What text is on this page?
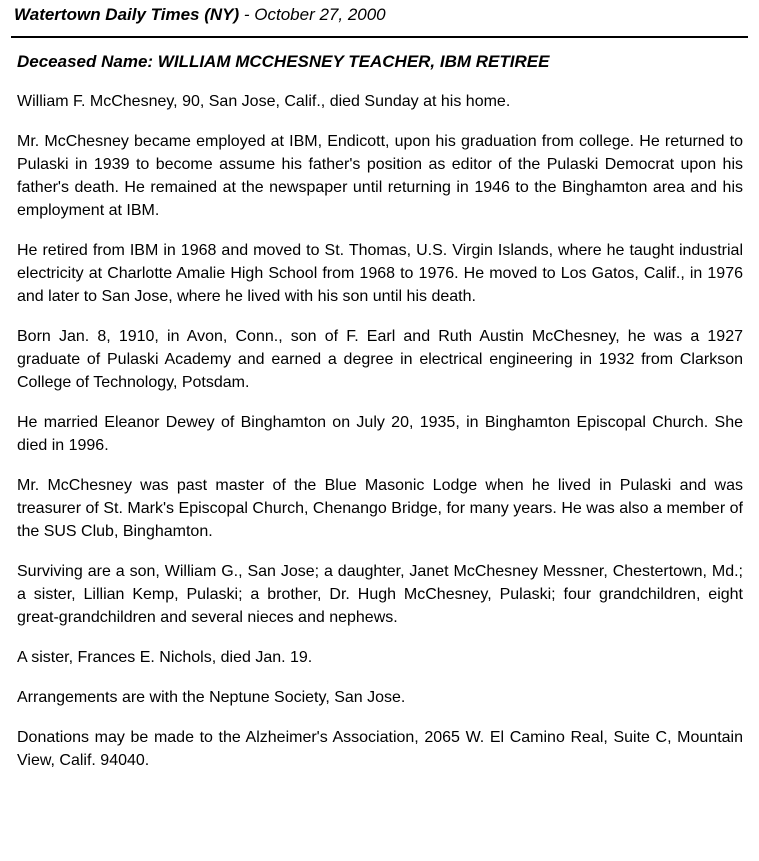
Watertown Daily Times (NY) - October 27, 2000
Deceased Name: WILLIAM MCCHESNEY TEACHER, IBM RETIREE

William F. McChesney, 90, San Jose, Calif., died Sunday at his home.

Mr. McChesney became employed at IBM, Endicott, upon his graduation from college. He returned to Pulaski in 1939 to become assume his father's position as editor of the Pulaski Democrat upon his father's death. He remained at the newspaper until returning in 1946 to the Binghamton area and his employment at IBM.

He retired from IBM in 1968 and moved to St. Thomas, U.S. Virgin Islands, where he taught industrial electricity at Charlotte Amalie High School from 1968 to 1976. He moved to Los Gatos, Calif., in 1976 and later to San Jose, where he lived with his son until his death.

Born Jan. 8, 1910, in Avon, Conn., son of F. Earl and Ruth Austin McChesney, he was a 1927 graduate of Pulaski Academy and earned a degree in electrical engineering in 1932 from Clarkson College of Technology, Potsdam.

He married Eleanor Dewey of Binghamton on July 20, 1935, in Binghamton Episcopal Church. She died in 1996.

Mr. McChesney was past master of the Blue Masonic Lodge when he lived in Pulaski and was treasurer of St. Mark's Episcopal Church, Chenango Bridge, for many years. He was also a member of the SUS Club, Binghamton.

Surviving are a son, William G., San Jose; a daughter, Janet McChesney Messner, Chestertown, Md.; a sister, Lillian Kemp, Pulaski; a brother, Dr. Hugh McChesney, Pulaski; four grandchildren, eight great-grandchildren and several nieces and nephews.

A sister, Frances E. Nichols, died Jan. 19.

Arrangements are with the Neptune Society, San Jose.

Donations may be made to the Alzheimer's Association, 2065 W. El Camino Real, Suite C, Mountain View, Calif. 94040.
